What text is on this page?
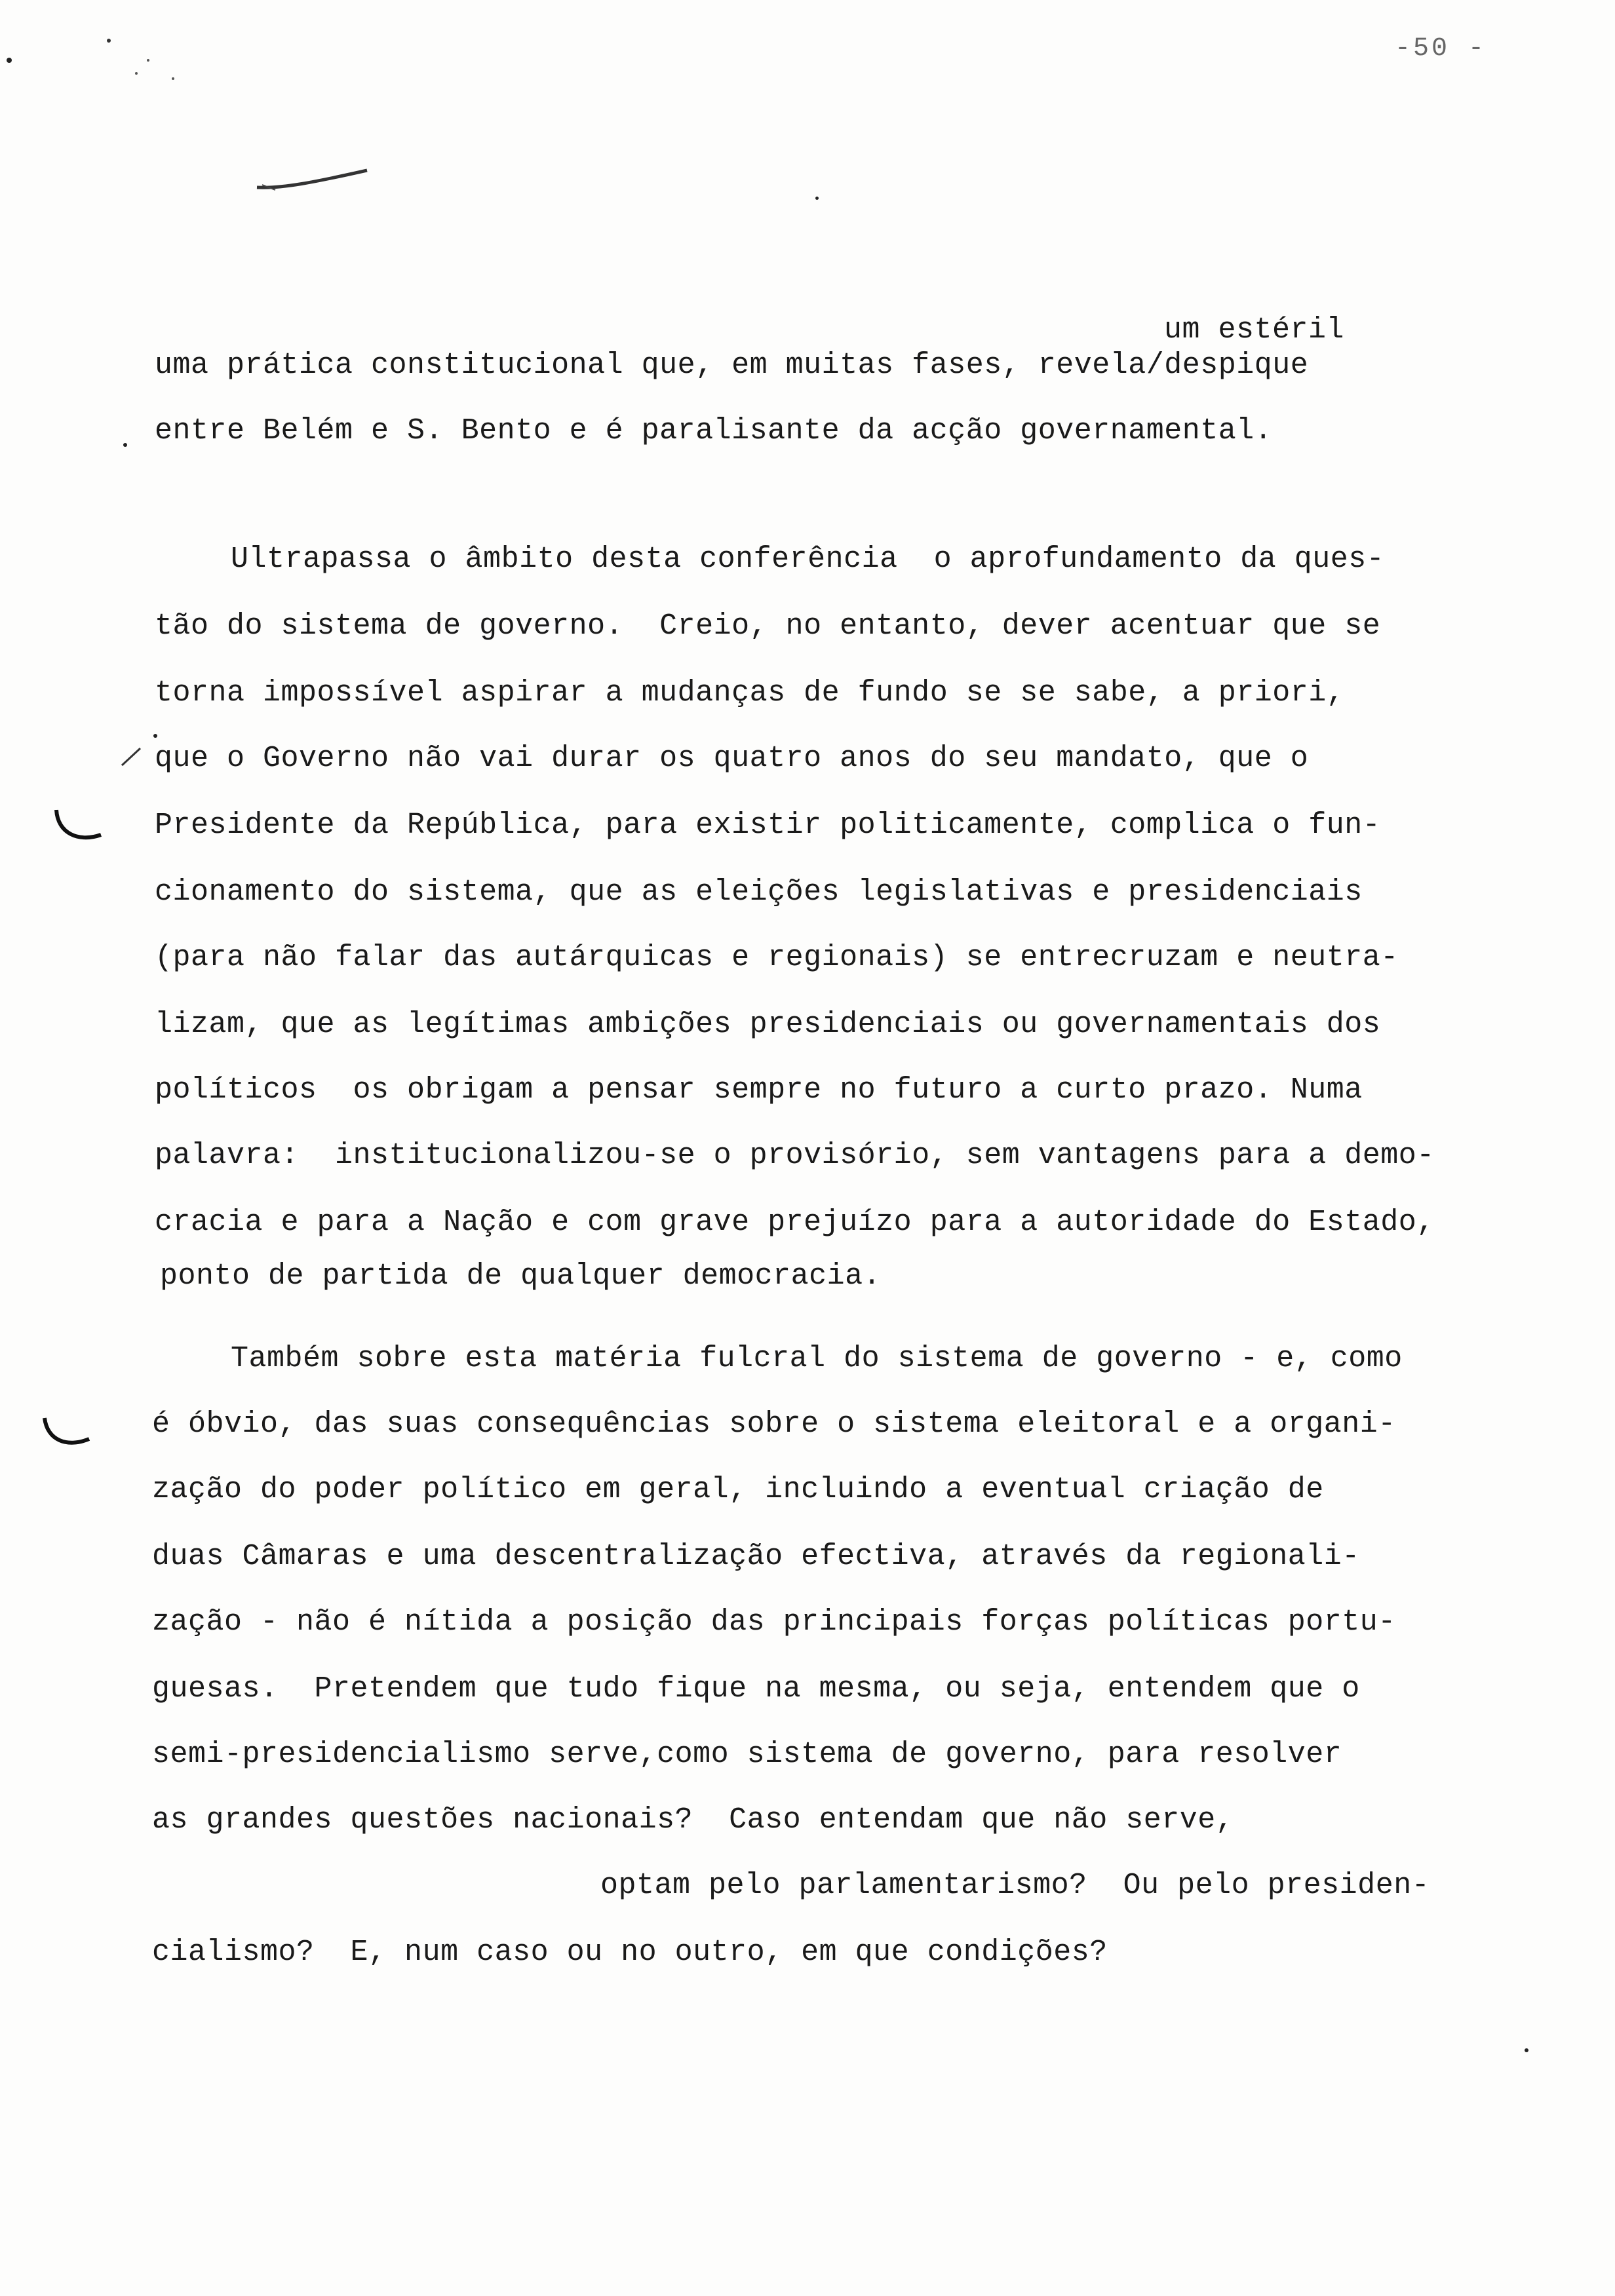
-50 -
um estéril
uma prática constitucional que, em muitas fases, revela/despique
entre Belém e S. Bento e é paralisante da acção governamental.
Ultrapassa o âmbito desta conferência  o aprofundamento da ques-
tão do sistema de governo.  Creio, no entanto, dever acentuar que se
torna impossível aspirar a mudanças de fundo se se sabe, a priori,
que o Governo não vai durar os quatro anos do seu mandato, que o
Presidente da República, para existir politicamente, complica o fun-
cionamento do sistema, que as eleições legislativas e presidenciais
(para não falar das autárquicas e regionais) se entrecruzam e neutra-
lizam, que as legítimas ambições presidenciais ou governamentais dos
políticos  os obrigam a pensar sempre no futuro a curto prazo. Numa
palavra:  institucionalizou-se o provisório, sem vantagens para a demo-
cracia e para a Nação e com grave prejuízo para a autoridade do Estado,
ponto de partida de qualquer democracia.
Também sobre esta matéria fulcral do sistema de governo - e, como
é óbvio, das suas consequências sobre o sistema eleitoral e a organi-
zação do poder político em geral, incluindo a eventual criação de
duas Câmaras e uma descentralização efectiva, através da regionali-
zação - não é nítida a posição das principais forças políticas portu-
guesas.  Pretendem que tudo fique na mesma, ou seja, entendem que o
semi-presidencialismo serve,como sistema de governo, para resolver
as grandes questões nacionais?  Caso entendam que não serve,
optam pelo parlamentarismo?  Ou pelo presiden-
cialismo?  E, num caso ou no outro, em que condições?
